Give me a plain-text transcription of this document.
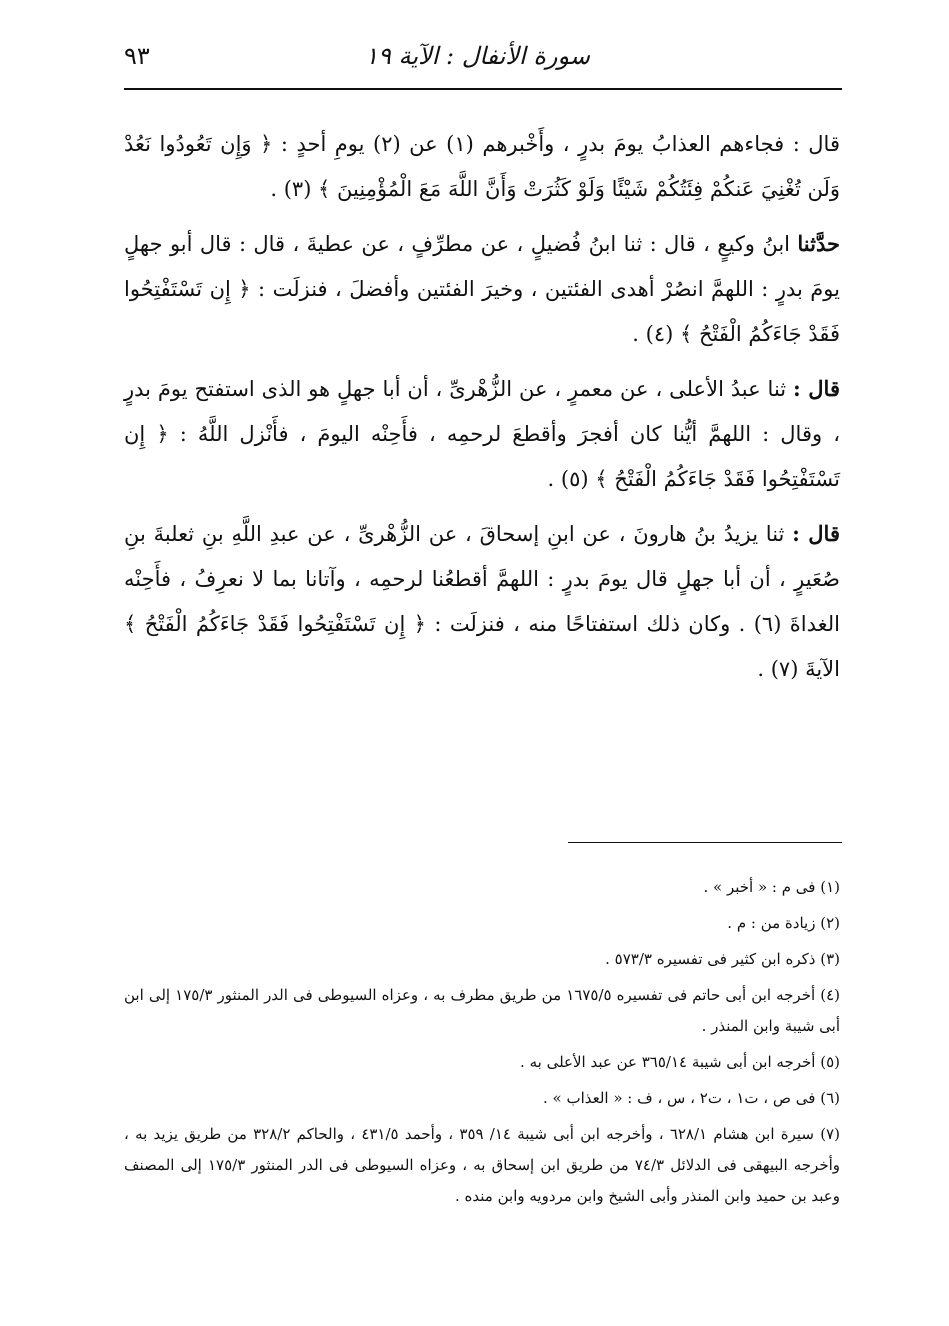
سورة الأنفال : الآية ١٩
٩٣

قال : فجاءهم العذابُ يومَ بدرٍ ، وأَخْبرهم (١) عن (٢) يومِ أحدٍ : ﴿ وَإِن تَعُودُوا نَعُدْ وَلَن تُغْنِيَ عَنكُمْ فِئَتُكُمْ شَيْئًا وَلَوْ كَثُرَتْ وَأَنَّ اللَّهَ مَعَ الْمُؤْمِنِينَ ﴾ (٣) .

حدَّثنا ابنُ وكيعٍ ، قال : ثنا ابنُ فُضيلٍ ، عن مطرِّفٍ ، عن عطيةَ ، قال : قال أبو جهلٍ يومَ بدرٍ : اللهمَّ انصُرْ أهدى الفئتين ، وخيرَ الفئتين وأفضلَ ، فنزلَت : ﴿ إِن تَسْتَفْتِحُوا فَقَدْ جَاءَكُمُ الْفَتْحُ ﴾ (٤) .

قال : ثنا عبدُ الأعلى ، عن معمرٍ ، عن الزُّهْرىِّ ، أن أبا جهلٍ هو الذى استفتح يومَ بدرٍ ، وقال : اللهمَّ أيُّنا كان أفجرَ وأقطعَ لرحمِه ، فأَحِنْه اليومَ ، فأَنْزل اللَّهُ : ﴿ إِن تَسْتَفْتِحُوا فَقَدْ جَاءَكُمُ الْفَتْحُ ﴾ (٥) .

قال : ثنا يزيدُ بنُ هارونَ ، عن ابنِ إسحاقَ ، عن الزُّهْرىِّ ، عن عبدِ اللَّهِ بنِ ثعلبةَ بنِ صُعَيرٍ ، أن أبا جهلٍ قال يومَ بدرٍ : اللهمَّ أقطعُنا لرحمِه ، وآتانا بما لا نعرِفُ ، فأَحِنْه الغداةَ (٦) . وكان ذلك استفتاحًا منه ، فنزلَت : ﴿ إِن تَسْتَفْتِحُوا فَقَدْ جَاءَكُمُ الْفَتْحُ ﴾ الآيةَ (٧) .

(١) فى م : « أخبر » .

(٢) زيادة من : م .

(٣) ذكره ابن كثير فى تفسيره ٥٧٣/٣ .

(٤) أخرجه ابن أبى حاتم فى تفسيره ١٦٧٥/٥ من طريق مطرف به ، وعزاه السيوطى فى الدر المنثور ١٧٥/٣ إلى ابن أبى شيبة وابن المنذر .

(٥) أخرجه ابن أبى شيبة ٣٦٥/١٤ عن عبد الأعلى به .

(٦) فى ص ، ت١ ، ت٢ ، س ، ف : « العذاب » .

(٧) سيرة ابن هشام ٦٢٨/١ ، وأخرجه ابن أبى شيبة ١٤/ ٣٥٩ ، وأحمد ٤٣١/٥ ، والحاكم ٣٢٨/٢ من طريق يزيد به ، وأخرجه البيهقى فى الدلائل ٧٤/٣ من طريق ابن إسحاق به ، وعزاه السيوطى فى الدر المنثور ١٧٥/٣ إلى المصنف وعبد بن حميد وابن المنذر وأبى الشيخ وابن مردويه وابن منده .
